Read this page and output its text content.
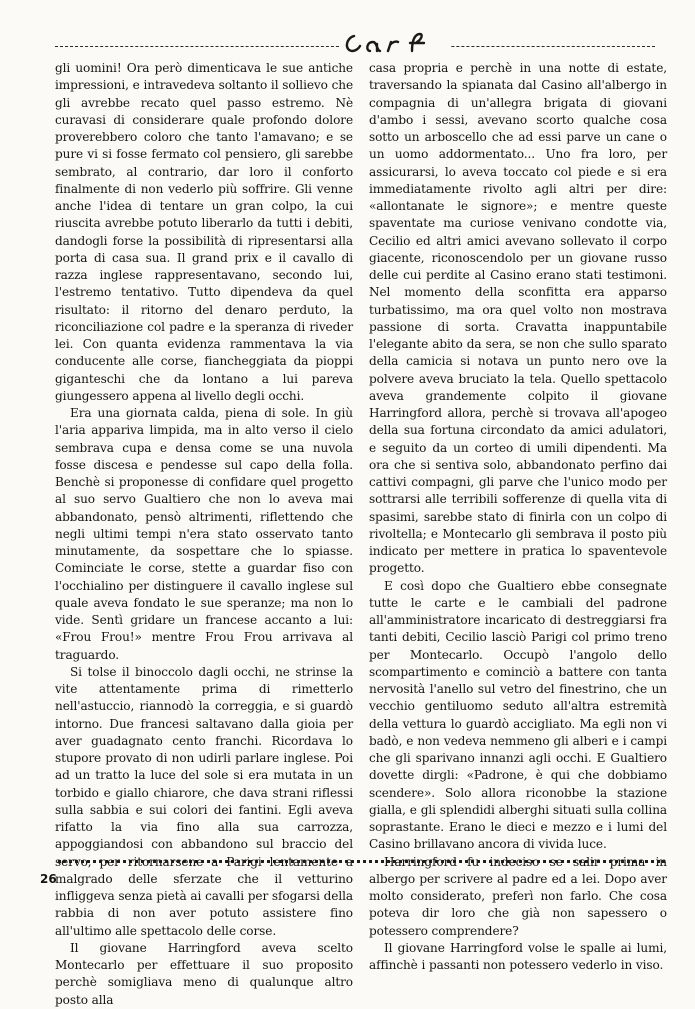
gli uomini! Ora però dimenticava le sue antiche impressioni, e intravedeva soltanto il sollievo che gli avrebbe recato quel passo estremo. Nè curavasi di considerare quale profondo dolore proverebbero coloro che tanto l'amavano; e se pure vi si fosse fermato col pensiero, gli sarebbe sembrato, al contrario, dar loro il conforto finalmente di non vederlo più soffrire. Gli venne anche l'idea di tentare un gran colpo, la cui riuscita avrebbe potuto liberarlo da tutti i debiti, dandogli forse la possibilità di ripresentarsi alla porta di casa sua. Il grand prix e il cavallo di razza inglese rappresentavano, secondo lui, l'estremo tentativo. Tutto dipendeva da quel risultato: il ritorno del denaro perduto, la riconciliazione col padre e la speranza di riveder lei. Con quanta evidenza rammentava la via conducente alle corse, fiancheggiata da pioppi giganteschi che da lontano a lui pareva giungessero appena al livello degli occhi.

Era una giornata calda, piena di sole. In giù l'aria appariva limpida, ma in alto verso il cielo sembrava cupa e densa come se una nuvola fosse discesa e pendesse sul capo della folla. Benchè si proponesse di confidare quel progetto al suo servo Gualtiero che non lo aveva mai abbandonato, pensò altrimenti, riflettendo che negli ultimi tempi n'era stato osservato tanto minutamente, da sospettare che lo spiasse. Cominciate le corse, stette a guardar fiso con l'occhialino per distinguere il cavallo inglese sul quale aveva fondato le sue speranze; ma non lo vide. Sentì gridare un francese accanto a lui: «Frou Frou!» mentre Frou Frou arrivava al traguardo.

Si tolse il binoccolo dagli occhi, ne strinse la vite attentamente prima di rimetterlo nell'astuccio, riannodò la correggia, e si guardò intorno. Due francesi saltavano dalla gioia per aver guadagnato cento franchi. Ricordava lo stupore provato di non udirli parlare inglese. Poi ad un tratto la luce del sole si era mutata in un torbido e giallo chiarore, che dava strani riflessi sulla sabbia e sui colori dei fantini. Egli aveva rifatto la via fino alla sua carrozza, appoggiandosi con abbandono sul braccio del servo, per ritornarsene a Parigi lentamente a malgrado delle sferzate che il vetturino infliggeva senza pietà ai cavalli per sfogarsi della rabbia di non aver potuto assistere fino all'ultimo alle spettacolo delle corse.

Il giovane Harringford aveva scelto Montecarlo per effettuare il suo proposito perchè somigliava meno di qualunque altro posto alla

casa propria e perchè in una notte di estate, traversando la spianata dal Casino all'albergo in compagnia di un'allegra brigata di giovani d'ambo i sessi, avevano scorto qualche cosa sotto un arboscello che ad essi parve un cane o un uomo addormentato... Uno fra loro, per assicurarsi, lo aveva toccato col piede e si era immediatamente rivolto agli altri per dire: «allontanate le signore»; e mentre queste spaventate ma curiose venivano condotte via, Cecilio ed altri amici avevano sollevato il corpo giacente, riconoscendolo per un giovane russo delle cui perdite al Casino erano stati testimoni. Nel momento della sconfitta era apparso turbatissimo, ma ora quel volto non mostrava passione di sorta. Cravatta inappuntabile l'elegante abito da sera, se non che sullo sparato della camicia si notava un punto nero ove la polvere aveva bruciato la tela. Quello spettacolo aveva grandemente colpito il giovane Harringford allora, perchè si trovava all'apogeo della sua fortuna circondato da amici adulatori, e seguito da un corteo di umili dipendenti. Ma ora che si sentiva solo, abbandonato perfino dai cattivi compagni, gli parve che l'unico modo per sottrarsi alle terribili sofferenze di quella vita di spasimi, sarebbe stato di finirla con un colpo di rivoltella; e Montecarlo gli sembrava il posto più indicato per mettere in pratica lo spaventevole progetto.

E così dopo che Gualtiero ebbe consegnate tutte le carte e le cambiali del padrone all'amministratore incaricato di destreggiarsi fra tanti debiti, Cecilio lasciò Parigi col primo treno per Montecarlo. Occupò l'angolo dello scompartimento e cominciò a battere con tanta nervosità l'anello sul vetro del finestrino, che un vecchio gentiluomo seduto all'altra estremità della vettura lo guardò accigliato. Ma egli non vi badò, e non vedeva nemmeno gli alberi e i campi che gli sparivano innanzi agli occhi. E Gualtiero dovette dirgli: «Padrone, è qui che dobbiamo scendere». Solo allora riconobbe la stazione gialla, e gli splendidi alberghi situati sulla collina soprastante. Erano le dieci e mezzo e i lumi del Casino brillavano ancora di vivida luce.

Harringford fu indeciso se salir prima in albergo per scrivere al padre ed a lei. Dopo aver molto considerato, preferì non farlo. Che cosa poteva dir loro che già non sapessero o potessero comprendere?

Il giovane Harringford volse le spalle ai lumi, affinchè i passanti non potessero vederlo in viso.

26
